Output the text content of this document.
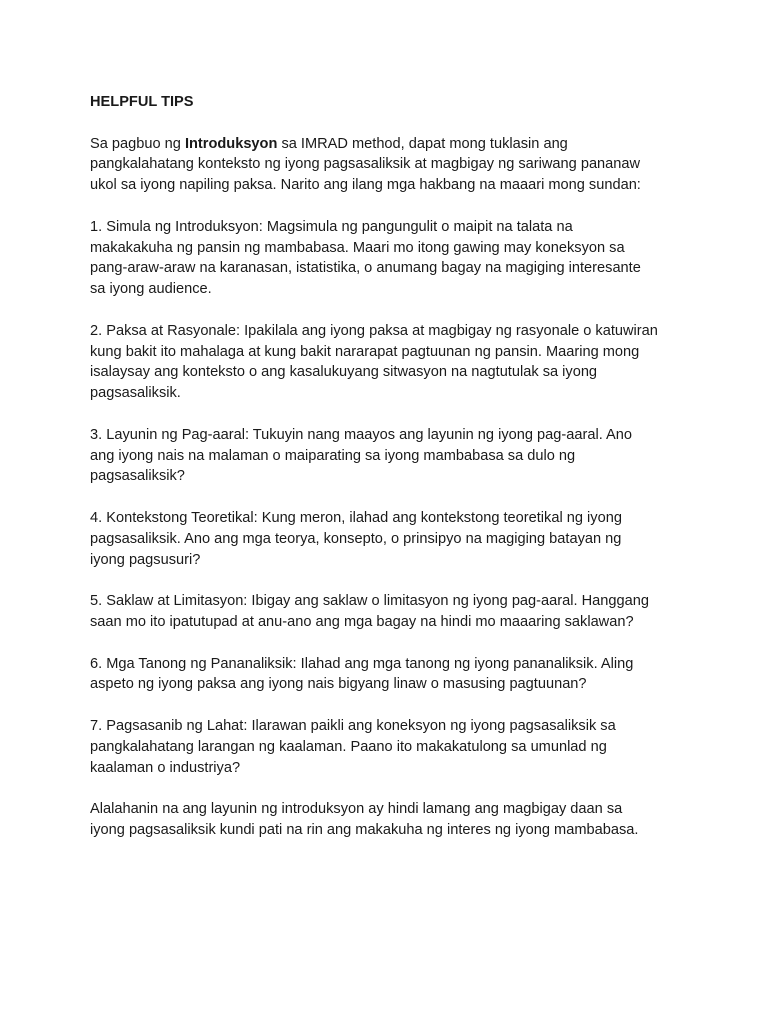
HELPFUL TIPS
Sa pagbuo ng Introduksyon sa IMRAD method, dapat mong tuklasin ang
pangkalahatang konteksto ng iyong pagsasaliksik at magbigay ng sariwang pananaw
ukol sa iyong napiling paksa. Narito ang ilang mga hakbang na maaari mong sundan:
1. Simula ng Introduksyon: Magsimula ng pangungulit o maipit na talata na
makakakuha ng pansin ng mambabasa. Maari mo itong gawing may koneksyon sa
pang-araw-araw na karanasan, istatistika, o anumang bagay na magiging interesante
sa iyong audience.
2. Paksa at Rasyonale: Ipakilala ang iyong paksa at magbigay ng rasyonale o katuwiran
kung bakit ito mahalaga at kung bakit nararapat pagtuunan ng pansin. Maaring mong
isalaysay ang konteksto o ang kasalukuyang sitwasyon na nagtutulak sa iyong
pagsasaliksik.
3. Layunin ng Pag-aaral: Tukuyin nang maayos ang layunin ng iyong pag-aaral. Ano
ang iyong nais na malaman o maiparating sa iyong mambabasa sa dulo ng
pagsasaliksik?
4. Kontekstong Teoretikal: Kung meron, ilahad ang kontekstong teoretikal ng iyong
pagsasaliksik. Ano ang mga teorya, konsepto, o prinsipyo na magiging batayan ng
iyong pagsusuri?
5. Saklaw at Limitasyon: Ibigay ang saklaw o limitasyon ng iyong pag-aaral. Hanggang
saan mo ito ipatutupad at anu-ano ang mga bagay na hindi mo maaaring saklawan?
6. Mga Tanong ng Pananaliksik: Ilahad ang mga tanong ng iyong pananaliksik. Aling
aspeto ng iyong paksa ang iyong nais bigyang linaw o masusing pagtuunan?
7. Pagsasanib ng Lahat: Ilarawan paikli ang koneksyon ng iyong pagsasaliksik sa
pangkalahatang larangan ng kaalaman. Paano ito makakatulong sa umunlad ng
kaalaman o industriya?
Alalahanin na ang layunin ng introduksyon ay hindi lamang ang magbigay daan sa
iyong pagsasaliksik kundi pati na rin ang makakuha ng interes ng iyong mambabasa.
